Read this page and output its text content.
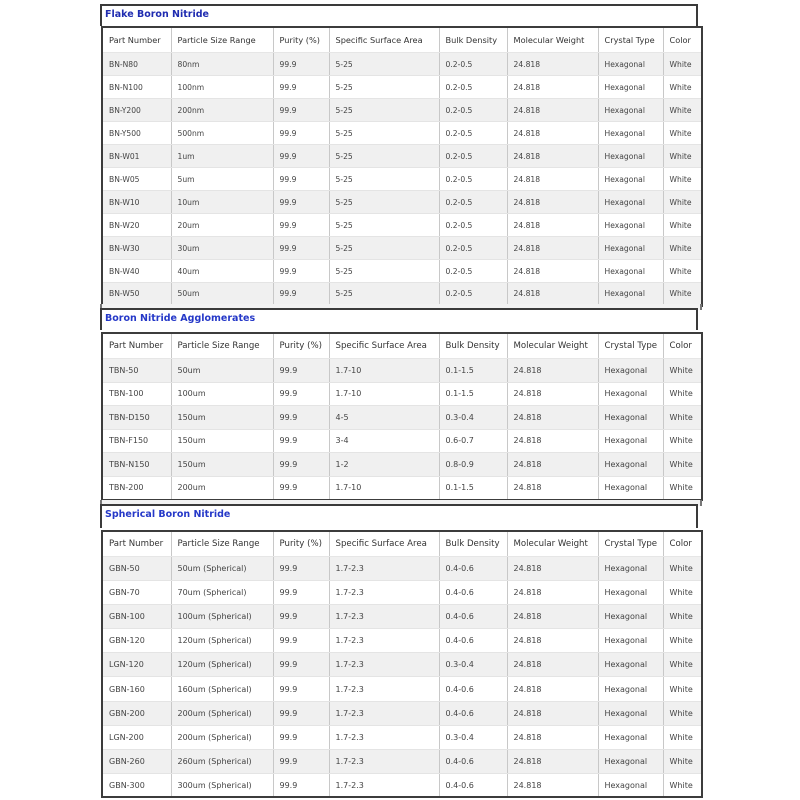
Flake Boron Nitride
Part Number	Particle Size Range	Purity (%)	Specific Surface Area	Bulk Density	Molecular Weight	Crystal Type	Color
BN-N80	80nm	99.9	5-25	0.2-0.5	24.818	Hexagonal	White
BN-N100	100nm	99.9	5-25	0.2-0.5	24.818	Hexagonal	White
BN-Y200	200nm	99.9	5-25	0.2-0.5	24.818	Hexagonal	White
BN-Y500	500nm	99.9	5-25	0.2-0.5	24.818	Hexagonal	White
BN-W01	1um	99.9	5-25	0.2-0.5	24.818	Hexagonal	White
BN-W05	5um	99.9	5-25	0.2-0.5	24.818	Hexagonal	White
BN-W10	10um	99.9	5-25	0.2-0.5	24.818	Hexagonal	White
BN-W20	20um	99.9	5-25	0.2-0.5	24.818	Hexagonal	White
BN-W30	30um	99.9	5-25	0.2-0.5	24.818	Hexagonal	White
BN-W40	40um	99.9	5-25	0.2-0.5	24.818	Hexagonal	White
BN-W50	50um	99.9	5-25	0.2-0.5	24.818	Hexagonal	White
Boron Nitride Agglomerates
Part Number	Particle Size Range	Purity (%)	Specific Surface Area	Bulk Density	Molecular Weight	Crystal Type	Color
TBN-50	50um	99.9	1.7-10	0.1-1.5	24.818	Hexagonal	White
TBN-100	100um	99.9	1.7-10	0.1-1.5	24.818	Hexagonal	White
TBN-D150	150um	99.9	4-5	0.3-0.4	24.818	Hexagonal	White
TBN-F150	150um	99.9	3-4	0.6-0.7	24.818	Hexagonal	White
TBN-N150	150um	99.9	1-2	0.8-0.9	24.818	Hexagonal	White
TBN-200	200um	99.9	1.7-10	0.1-1.5	24.818	Hexagonal	White
Spherical Boron Nitride
Part Number	Particle Size Range	Purity (%)	Specific Surface Area	Bulk Density	Molecular Weight	Crystal Type	Color
GBN-50	50um (Spherical)	99.9	1.7-2.3	0.4-0.6	24.818	Hexagonal	White
GBN-70	70um (Spherical)	99.9	1.7-2.3	0.4-0.6	24.818	Hexagonal	White
GBN-100	100um (Spherical)	99.9	1.7-2.3	0.4-0.6	24.818	Hexagonal	White
GBN-120	120um (Spherical)	99.9	1.7-2.3	0.4-0.6	24.818	Hexagonal	White
LGN-120	120um (Spherical)	99.9	1.7-2.3	0.3-0.4	24.818	Hexagonal	White
GBN-160	160um (Spherical)	99.9	1.7-2.3	0.4-0.6	24.818	Hexagonal	White
GBN-200	200um (Spherical)	99.9	1.7-2.3	0.4-0.6	24.818	Hexagonal	White
LGN-200	200um (Spherical)	99.9	1.7-2.3	0.3-0.4	24.818	Hexagonal	White
GBN-260	260um (Spherical)	99.9	1.7-2.3	0.4-0.6	24.818	Hexagonal	White
GBN-300	300um (Spherical)	99.9	1.7-2.3	0.4-0.6	24.818	Hexagonal	White
